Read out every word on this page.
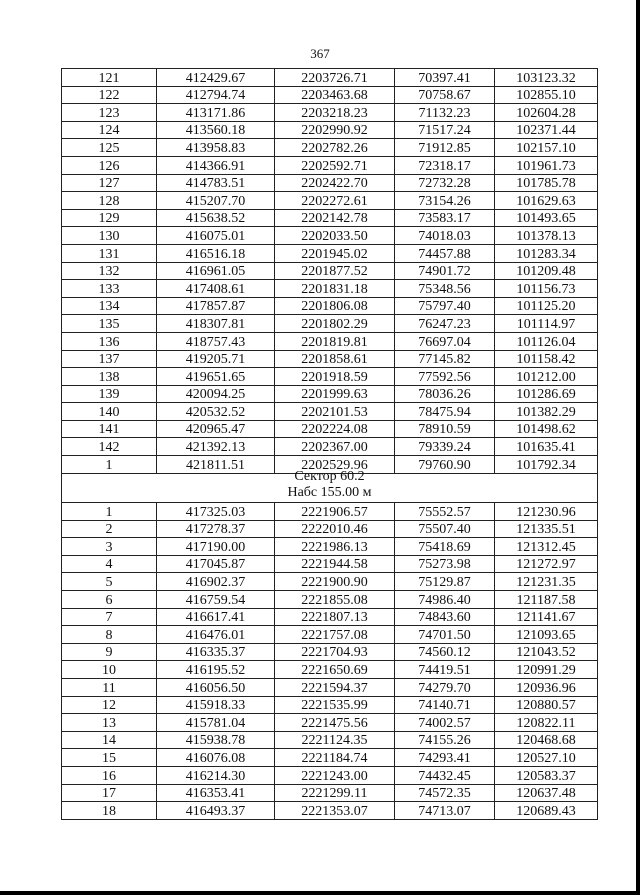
367
121	412429.67	2203726.71	70397.41	103123.32
122	412794.74	2203463.68	70758.67	102855.10
123	413171.86	2203218.23	71132.23	102604.28
124	413560.18	2202990.92	71517.24	102371.44
125	413958.83	2202782.26	71912.85	102157.10
126	414366.91	2202592.71	72318.17	101961.73
127	414783.51	2202422.70	72732.28	101785.78
128	415207.70	2202272.61	73154.26	101629.63
129	415638.52	2202142.78	73583.17	101493.65
130	416075.01	2202033.50	74018.03	101378.13
131	416516.18	2201945.02	74457.88	101283.34
132	416961.05	2201877.52	74901.72	101209.48
133	417408.61	2201831.18	75348.56	101156.73
134	417857.87	2201806.08	75797.40	101125.20
135	418307.81	2201802.29	76247.23	101114.97
136	418757.43	2201819.81	76697.04	101126.04
137	419205.71	2201858.61	77145.82	101158.42
138	419651.65	2201918.59	77592.56	101212.00
139	420094.25	2201999.63	78036.26	101286.69
140	420532.52	2202101.53	78475.94	101382.29
141	420965.47	2202224.08	78910.59	101498.62
142	421392.13	2202367.00	79339.24	101635.41
1	421811.51	2202529.96	79760.90	101792.34
Сектор 60.2
Набс 155.00 м
1	417325.03	2221906.57	75552.57	121230.96
2	417278.37	2222010.46	75507.40	121335.51
3	417190.00	2221986.13	75418.69	121312.45
4	417045.87	2221944.58	75273.98	121272.97
5	416902.37	2221900.90	75129.87	121231.35
6	416759.54	2221855.08	74986.40	121187.58
7	416617.41	2221807.13	74843.60	121141.67
8	416476.01	2221757.08	74701.50	121093.65
9	416335.37	2221704.93	74560.12	121043.52
10	416195.52	2221650.69	74419.51	120991.29
11	416056.50	2221594.37	74279.70	120936.96
12	415918.33	2221535.99	74140.71	120880.57
13	415781.04	2221475.56	74002.57	120822.11
14	415938.78	2221124.35	74155.26	120468.68
15	416076.08	2221184.74	74293.41	120527.10
16	416214.30	2221243.00	74432.45	120583.37
17	416353.41	2221299.11	74572.35	120637.48
18	416493.37	2221353.07	74713.07	120689.43
